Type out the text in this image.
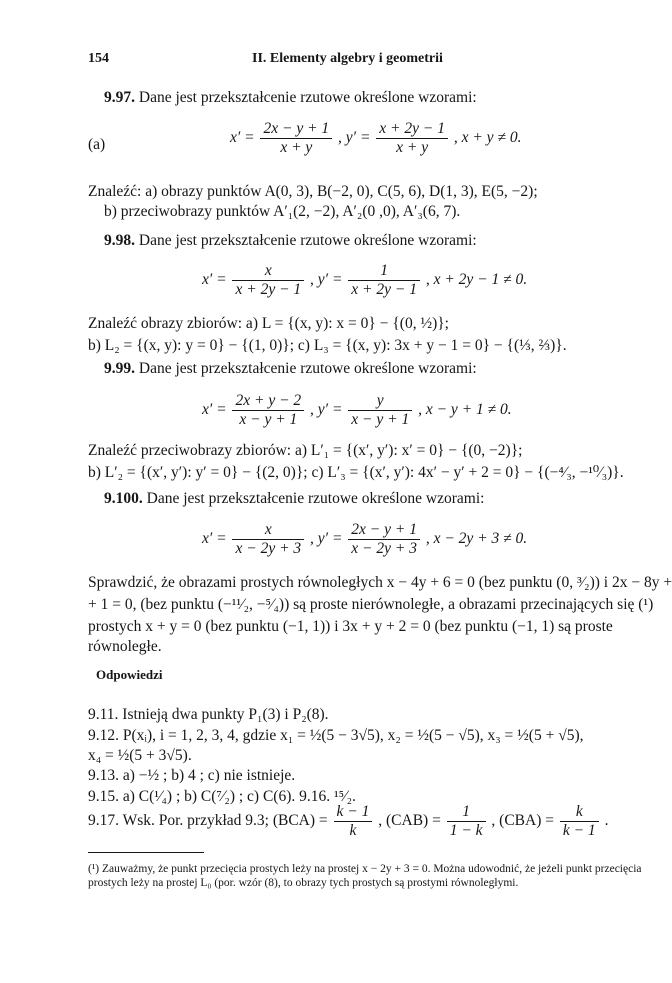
154	II. Elementy algebry i geometrii
9.97. Dane jest przekształcenie rzutowe określone wzorami:
(a)	$x' = \frac{2x - y + 1}{x + y}$ , $y' = \frac{x + 2y - 1}{x + y}$ , x + y ≠ 0.
Znaleźć: a) obrazy punktów A(0, 3), B(−2, 0), C(5, 6), D(1, 3), E(5, −2);
b) przeciwobrazy punktów A′₁(2, −2), A′₂(0 ,0), A′₃(6, 7).
9.98. Dane jest przekształcenie rzutowe określone wzorami:
$x' = \frac{x}{x + 2y - 1}$ , $y' = \frac{1}{x + 2y - 1}$ , x + 2y − 1 ≠ 0.
Znaleźć obrazy zbiorów: a) L = {(x, y): x = 0} − {(0, ½)};
b) L₂ = {(x, y): y = 0} − {(1, 0)}; c) L₃ = {(x, y): 3x + y − 1 = 0} − {(⅓, ⅔)}.
9.99. Dane jest przekształcenie rzutowe określone wzorami:
$x' = \frac{2x + y - 2}{x - y + 1}$ , $y' = \frac{y}{x - y + 1}$ , x − y + 1 ≠ 0.
Znaleźć przeciwobrazy zbiorów: a) L′₁ = {(x′, y′): x′ = 0} − {(0, −2)};
b) L′₂ = {(x′, y′): y′ = 0} − {(2, 0)}; c) L′₃ = {(x′, y′): 4x′ − y′ + 2 = 0} − {(−⁴⁄₃, −¹⁰⁄₃)}.
9.100. Dane jest przekształcenie rzutowe określone wzorami:
$x' = \frac{x}{x - 2y + 3}$ , $y' = \frac{2x - y + 1}{x - 2y + 3}$ , x − 2y + 3 ≠ 0.
Sprawdzić, że obrazami prostych równoległych x − 4y + 6 = 0 (bez punktu (0, ³⁄₂)) i 2x − 8y +
+ 1 = 0, (bez punktu (−¹¹⁄₂, −⁵⁄₄)) są proste nierównoległe, a obrazami przecinających się (¹)
prostych x + y = 0 (bez punktu (−1, 1)) i 3x + y + 2 = 0 (bez punktu (−1, 1) są proste
równoległe.
Odpowiedzi
9.11. Istnieją dwa punkty P₁(3) i P₂(8).
9.12. P(xᵢ), i = 1, 2, 3, 4, gdzie x₁ = ½(5 − 3√5), x₂ = ½(5 − √5), x₃ = ½(5 + √5),
x₄ = ½(5 + 3√5).
9.13. a) −½ ; b) 4 ; c) nie istnieje.
9.15. a) C(¹⁄₄) ; b) C(⁷⁄₂) ; c) C(6). 9.16. ¹⁵⁄₂.
9.17. Wsk. Por. przykład 9.3; $(BCA) = \frac{k - 1}{k}$ , $(CAB) = \frac{1}{1 - k}$ , $(CBA) = \frac{k}{k - 1}$ .
(¹) Zauważmy, że punkt przecięcia prostych leży na prostej x − 2y + 3 = 0. Można udowodnić, że jeżeli punkt przecięcia prostych leży na prostej L₀ (por. wzór (8), to obrazy tych prostych są prostymi równoległymi.
